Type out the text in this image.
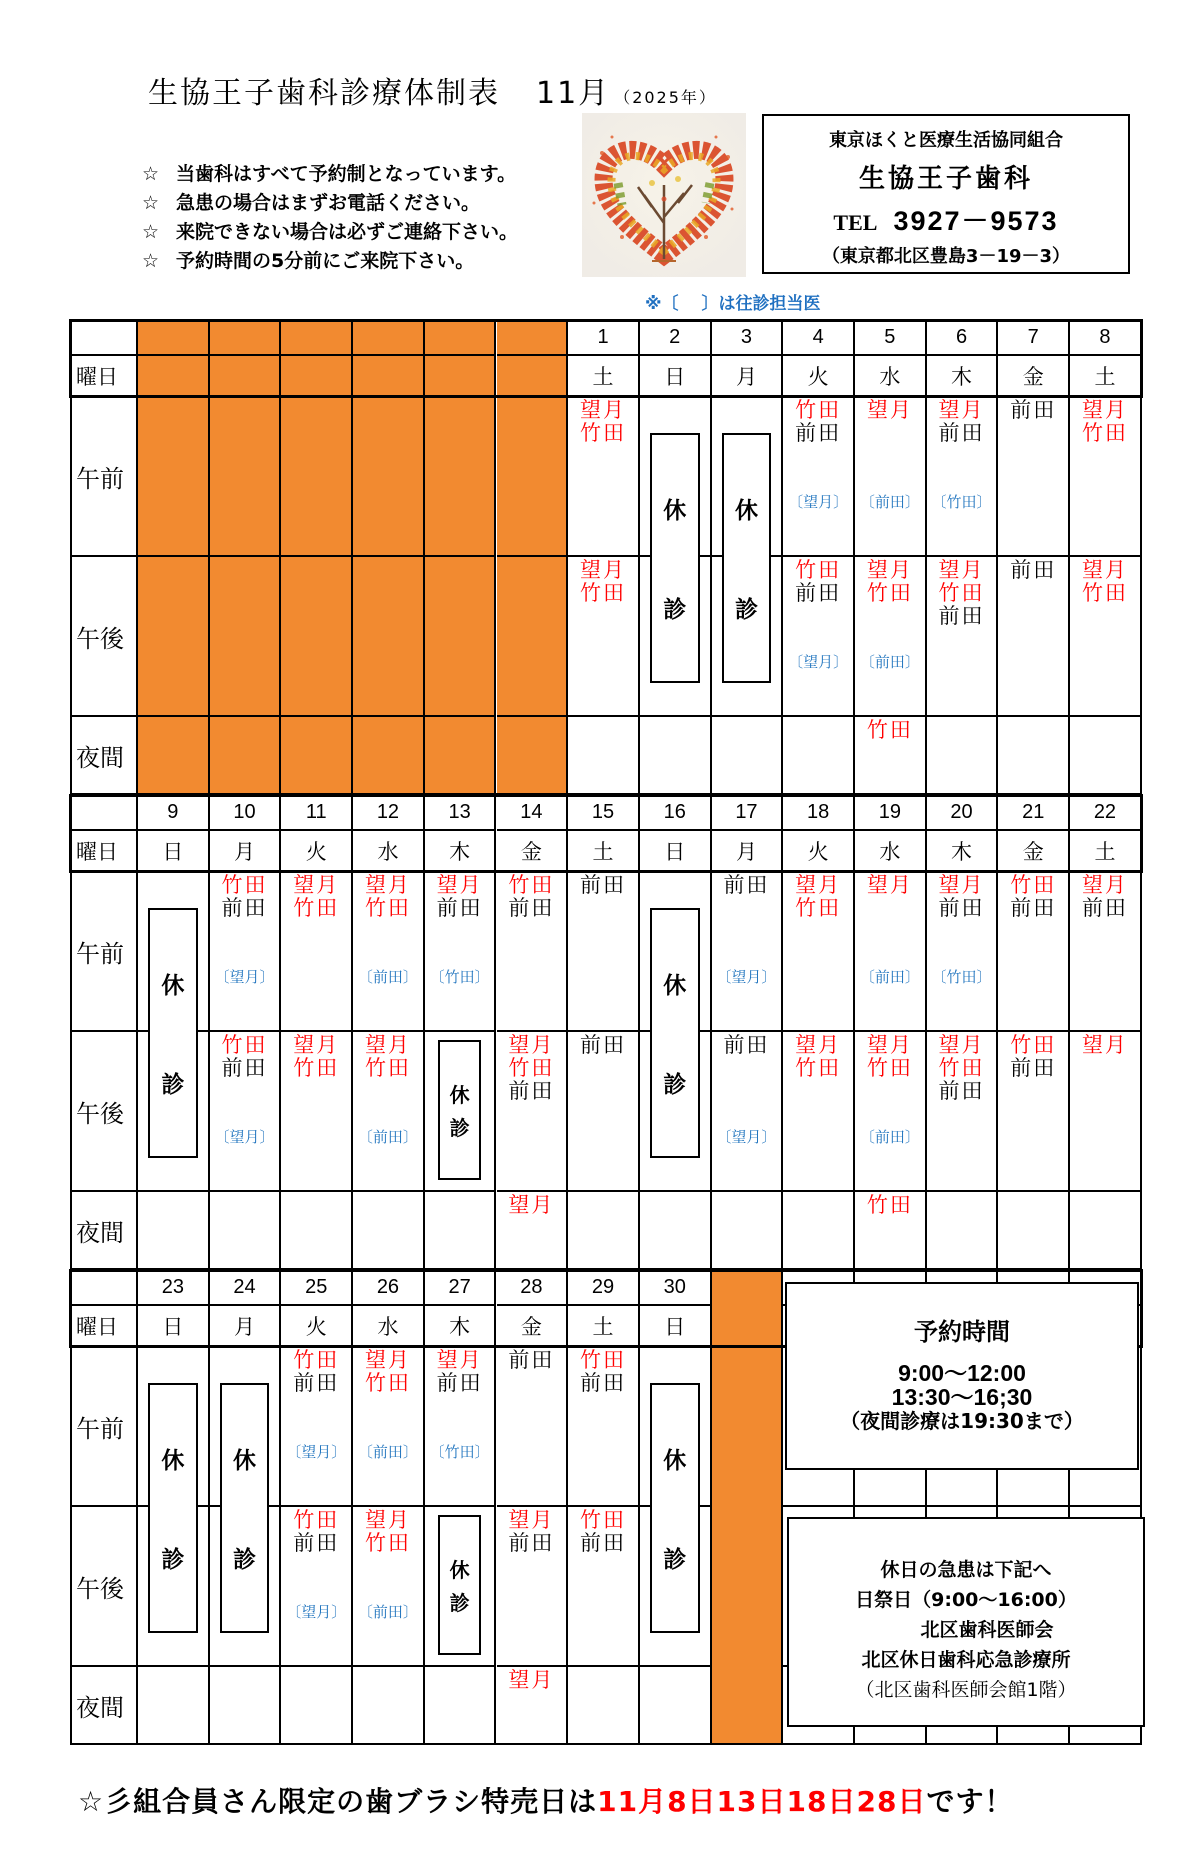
生協王子歯科診療体制表 11月 （2025年）
☆ 当歯科はすべて予約制となっています。
☆ 急患の場合はまずお電話ください。
☆ 来院できない場合は必ずご連絡下さい。
☆ 予約時間の5分前にご来院下さい。
東京ほくと医療生活協同組合
生協王子歯科
TEL 3927－9573
（東京都北区豊島3－19－3）
※〔　 〕は往診担当医
曜日
午前
午後
夜間
1
土
望月
竹田
望月
竹田
2
日
休
診
3
月
休
診
4
火
竹田
前田
〔望月〕
竹田
前田
〔望月〕
5
水
望月
〔前田〕
望月
竹田
〔前田〕
竹田
6
木
望月
前田
〔竹田〕
望月
竹田
前田
7
金
前田
前田
8
土
望月
竹田
望月
竹田
曜日
午前
午後
夜間
9
日
休
診
10
月
竹田
前田
〔望月〕
竹田
前田
〔望月〕
11
火
望月
竹田
望月
竹田
12
水
望月
竹田
〔前田〕
望月
竹田
〔前田〕
13
木
望月
前田
〔竹田〕
休
診
14
金
竹田
前田
望月
竹田
前田
望月
15
土
前田
前田
16
日
休
診
17
月
前田
〔望月〕
前田
〔望月〕
18
火
望月
竹田
望月
竹田
19
水
望月
〔前田〕
望月
竹田
〔前田〕
竹田
20
木
望月
前田
〔竹田〕
望月
竹田
前田
21
金
竹田
前田
竹田
前田
22
土
望月
前田
望月
曜日
午前
午後
夜間
23
日
休
診
24
月
休
診
25
火
竹田
前田
〔望月〕
竹田
前田
〔望月〕
26
水
望月
竹田
〔前田〕
望月
竹田
〔前田〕
27
木
望月
前田
〔竹田〕
休
診
28
金
前田
望月
前田
望月
29
土
竹田
前田
竹田
前田
30
日
休
診
予約時間
9:00～12:00
13:30～16;30
（夜間診療は19:30まで）
休日の急患は下記へ
日祭日（9:00～16:00）
北区歯科医師会
北区休日歯科応急診療所
（北区歯科医師会館1階）
☆彡組合員さん限定の歯ブラシ特売日は11月8日13日18日28日です！
